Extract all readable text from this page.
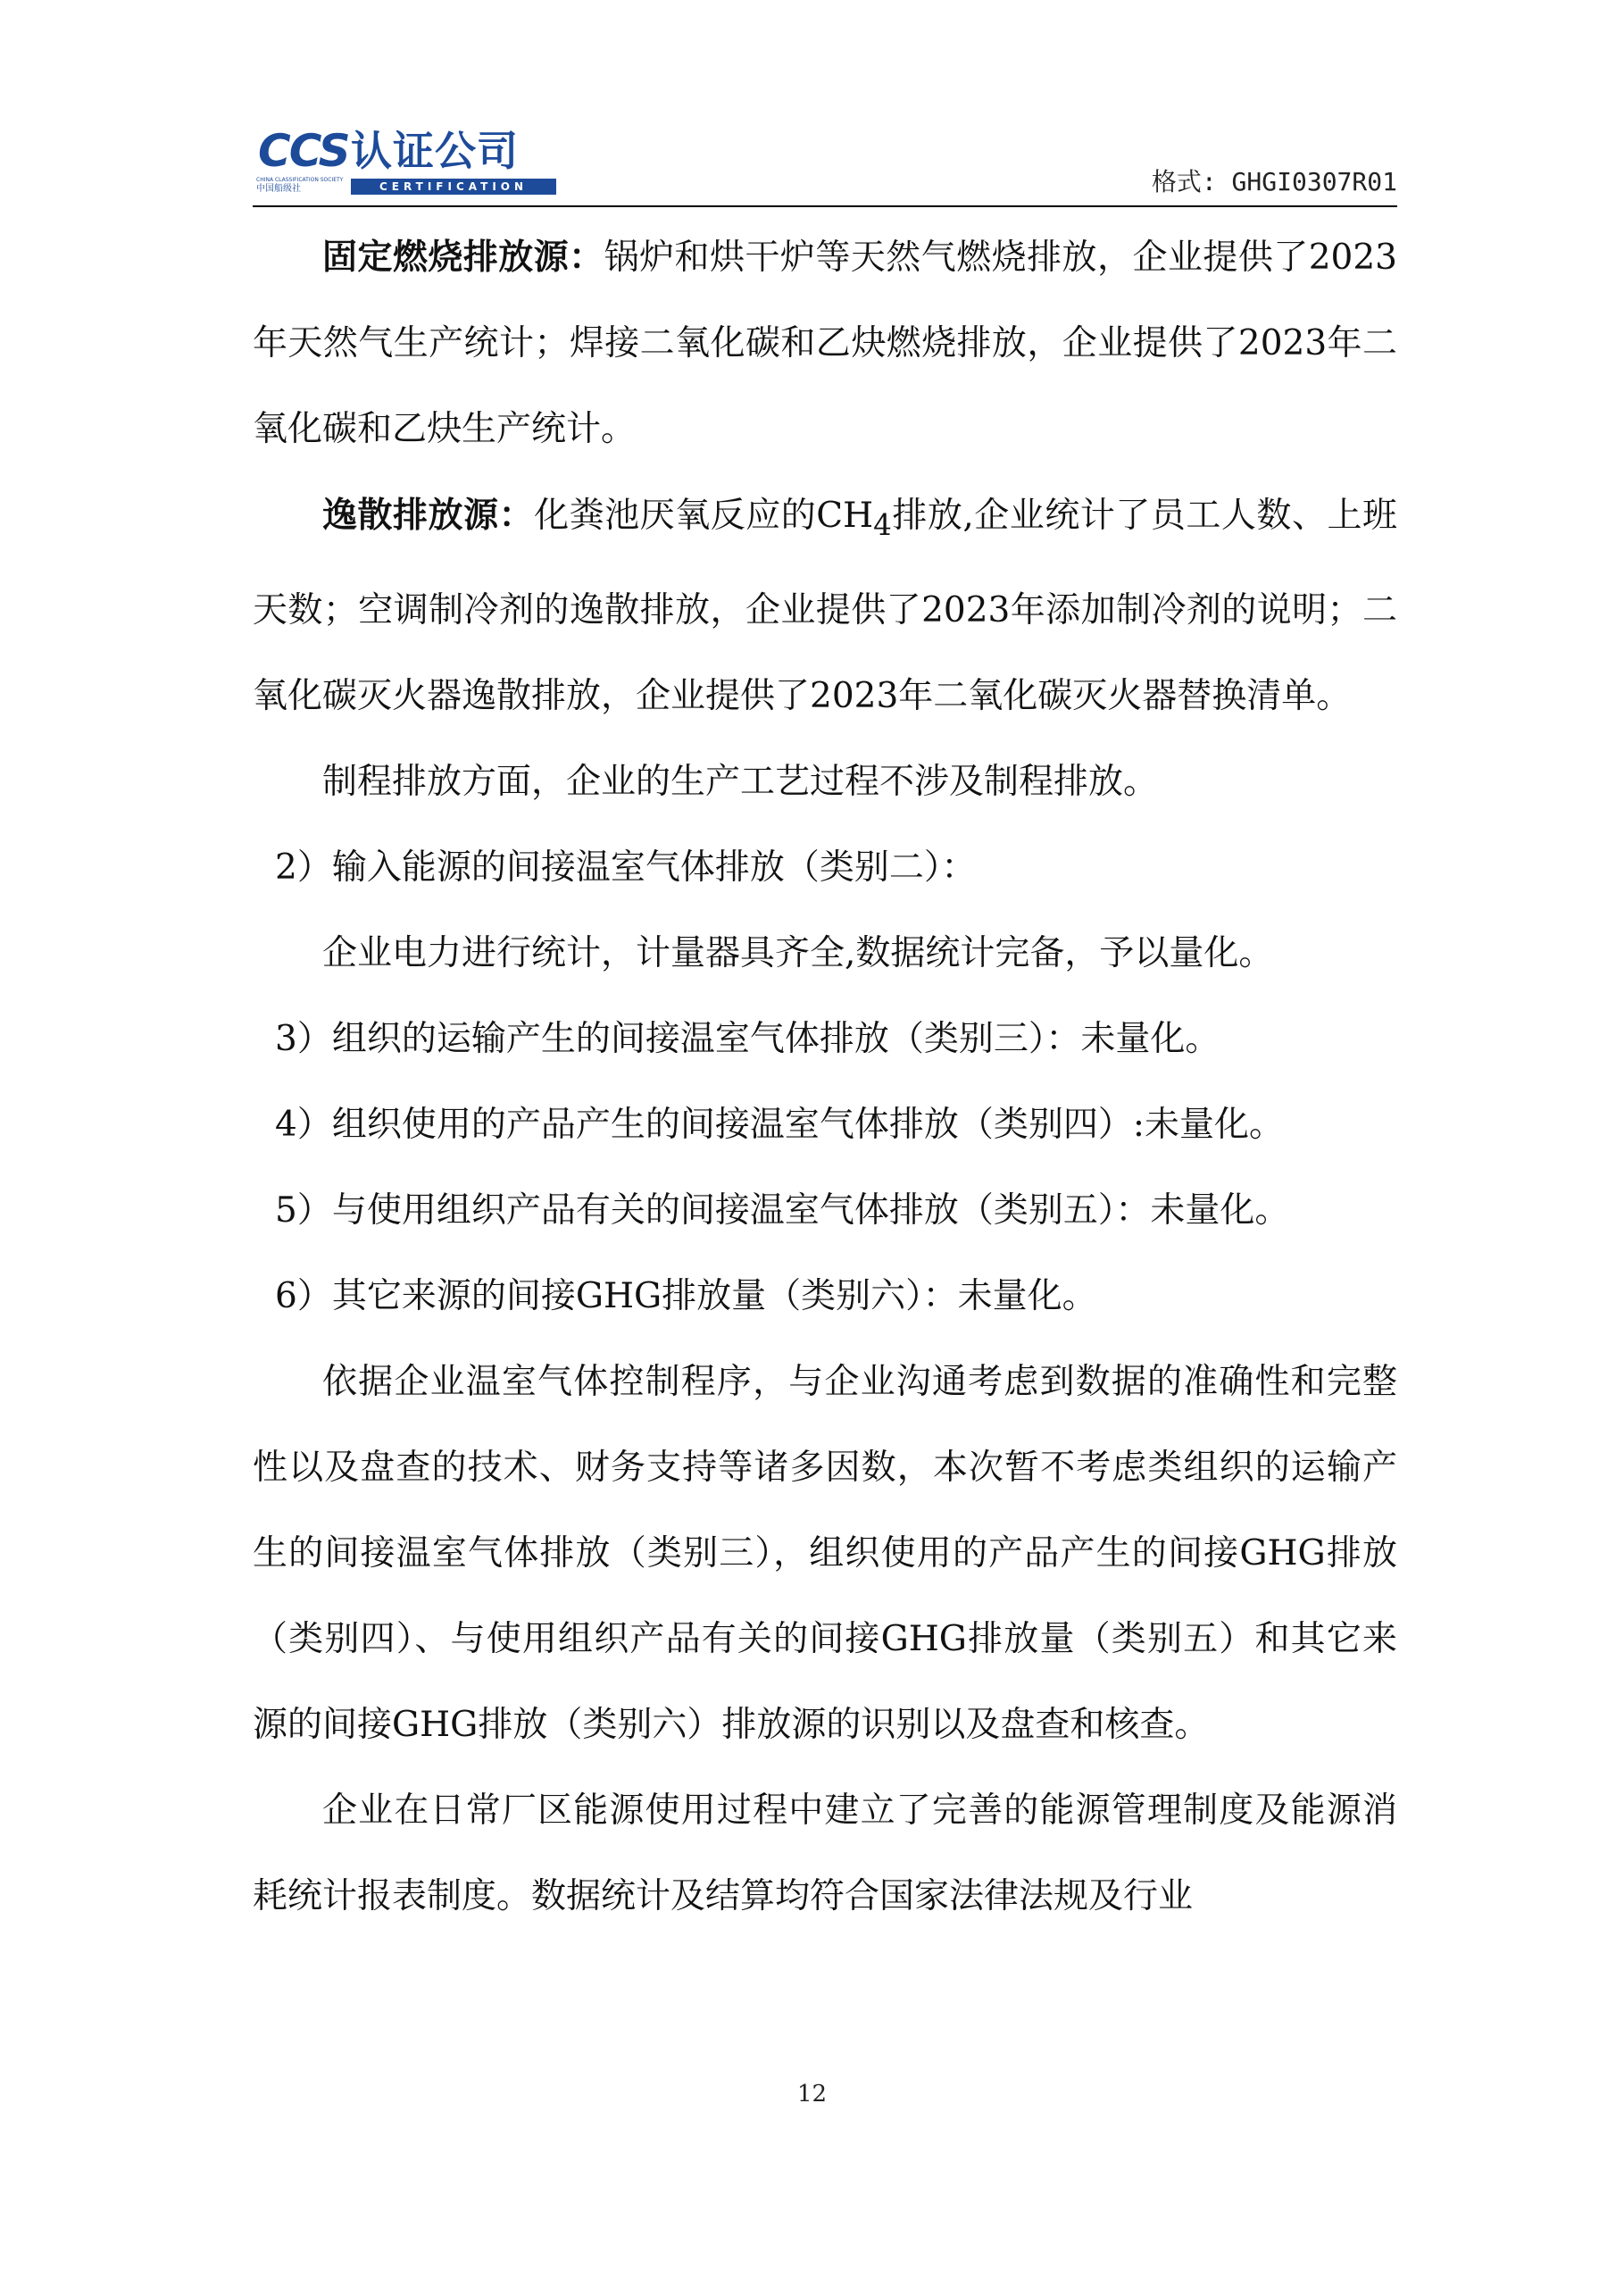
CCS
CHINA CLASSIFICATION SOCIETY
中国船级社
认证公司
CERTIFICATION	格式: GHGI0307R01

固定燃烧排放源：锅炉和烘干炉等天然气燃烧排放，企业提供了2023年天然气生产统计；焊接二氧化碳和乙炔燃烧排放，企业提供了2023年二氧化碳和乙炔生产统计。

逸散排放源：化粪池厌氧反应的$CH_4$排放,企业统计了员工人数、上班天数；空调制冷剂的逸散排放，企业提供了2023年添加制冷剂的说明；二氧化碳灭火器逸散排放，企业提供了2023年二氧化碳灭火器替换清单。

制程排放方面，企业的生产工艺过程不涉及制程排放。

2）输入能源的间接温室气体排放（类别二）：

企业电力进行统计，计量器具齐全,数据统计完备，予以量化。

3）组织的运输产生的间接温室气体排放（类别三）：未量化。

4）组织使用的产品产生的间接温室气体排放（类别四）:未量化。

5）与使用组织产品有关的间接温室气体排放（类别五）：未量化。

6）其它来源的间接GHG排放量（类别六）：未量化。

依据企业温室气体控制程序，与企业沟通考虑到数据的准确性和完整性以及盘查的技术、财务支持等诸多因数，本次暂不考虑类组织的运输产生的间接温室气体排放（类别三），组织使用的产品产生的间接GHG排放（类别四）、与使用组织产品有关的间接GHG排放量（类别五）和其它来源的间接GHG排放（类别六）排放源的识别以及盘查和核查。

企业在日常厂区能源使用过程中建立了完善的能源管理制度及能源消耗统计报表制度。数据统计及结算均符合国家法律法规及行业

12
